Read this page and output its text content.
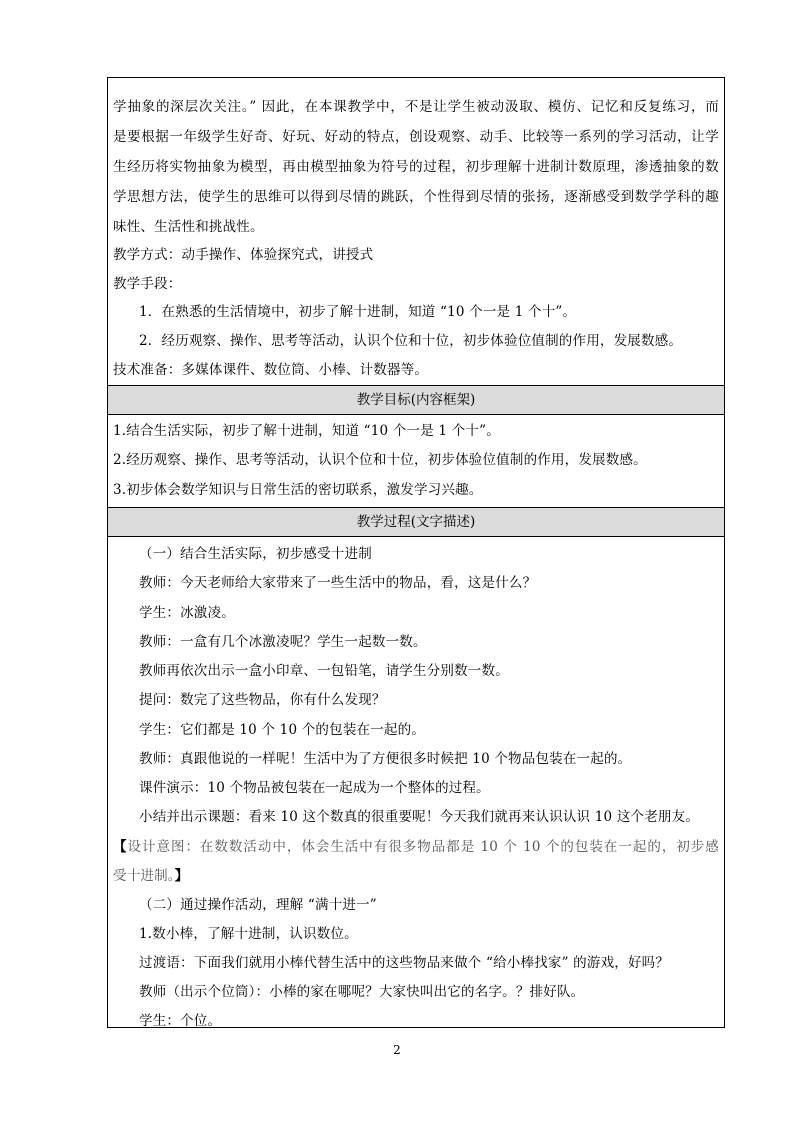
学抽象的深层次关注。” 因此，在本课教学中，不是让学生被动汲取、模仿、记忆和反复练习，而
是要根据一年级学生好奇、好玩、好动的特点，创设观察、动手、比较等一系列的学习活动，让学
生经历将实物抽象为模型，再由模型抽象为符号的过程，初步理解十进制计数原理，渗透抽象的数
学思想方法，使学生的思维可以得到尽情的跳跃，个性得到尽情的张扬，逐渐感受到数学学科的趣
味性、生活性和挑战性。
教学方式：动手操作、体验探究式，讲授式
教学手段：
1．在熟悉的生活情境中，初步了解十进制，知道 “10 个一是 1 个十”。
2．经历观察、操作、思考等活动，认识个位和十位，初步体验位值制的作用，发展数感。
技术准备：多媒体课件、数位筒、小棒、计数器等。
教学目标(内容框架)
1.结合生活实际，初步了解十进制，知道 “10 个一是 1 个十”。
2.经历观察、操作、思考等活动，认识个位和十位，初步体验位值制的作用，发展数感。
3.初步体会数学知识与日常生活的密切联系，激发学习兴趣。
教学过程(文字描述)
（一）结合生活实际，初步感受十进制
教师：今天老师给大家带来了一些生活中的物品，看，这是什么？
学生：冰激凌。
教师：一盒有几个冰激凌呢？学生一起数一数。
教师再依次出示一盒小印章、一包铅笔，请学生分别数一数。
提问：数完了这些物品，你有什么发现？
学生：它们都是 10 个 10 个的包装在一起的。
教师：真跟他说的一样呢！生活中为了方便很多时候把 10 个物品包装在一起的。
课件演示：10 个物品被包装在一起成为一个整体的过程。
小结并出示课题：看来 10 这个数真的很重要呢！今天我们就再来认识认识 10 这个老朋友。
【设计意图：在数数活动中，体会生活中有很多物品都是 10 个 10 个的包装在一起的，初步感
受十进制。】
（二）通过操作活动，理解 “满十进一”
1.数小棒，了解十进制，认识数位。
过渡语：下面我们就用小棒代替生活中的这些物品来做个 “给小棒找家” 的游戏，好吗？
教师（出示个位筒）：小棒的家在哪呢？大家快叫出它的名字。？排好队。
学生：个位。
2
